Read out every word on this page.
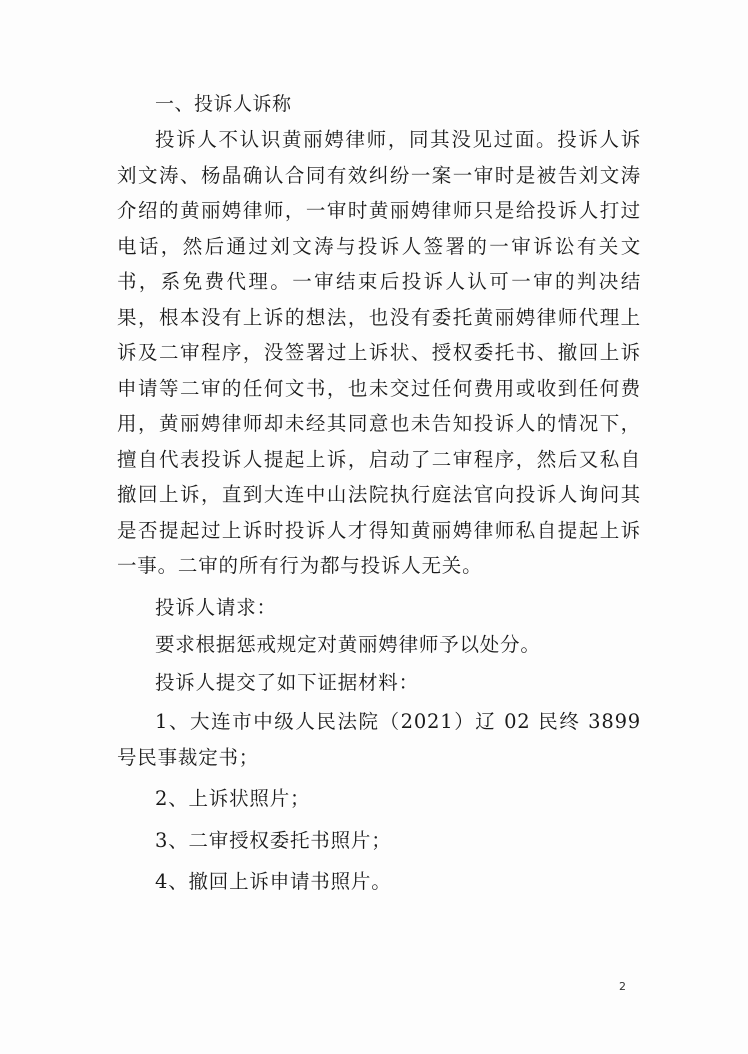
一、投诉人诉称

投诉人不认识黄丽娉律师，同其没见过面。投诉人诉刘文涛、杨晶确认合同有效纠纷一案一审时是被告刘文涛介绍的黄丽娉律师，一审时黄丽娉律师只是给投诉人打过电话，然后通过刘文涛与投诉人签署的一审诉讼有关文书，系免费代理。一审结束后投诉人认可一审的判决结果，根本没有上诉的想法，也没有委托黄丽娉律师代理上诉及二审程序，没签署过上诉状、授权委托书、撤回上诉申请等二审的任何文书，也未交过任何费用或收到任何费用，黄丽娉律师却未经其同意也未告知投诉人的情况下，擅自代表投诉人提起上诉，启动了二审程序，然后又私自撤回上诉，直到大连中山法院执行庭法官向投诉人询问其是否提起过上诉时投诉人才得知黄丽娉律师私自提起上诉一事。二审的所有行为都与投诉人无关。

投诉人请求：

要求根据惩戒规定对黄丽娉律师予以处分。

投诉人提交了如下证据材料：

1、大连市中级人民法院（2021）辽 02 民终 3899 号民事裁定书；

2、上诉状照片；

3、二审授权委托书照片；

4、撤回上诉申请书照片。

2
